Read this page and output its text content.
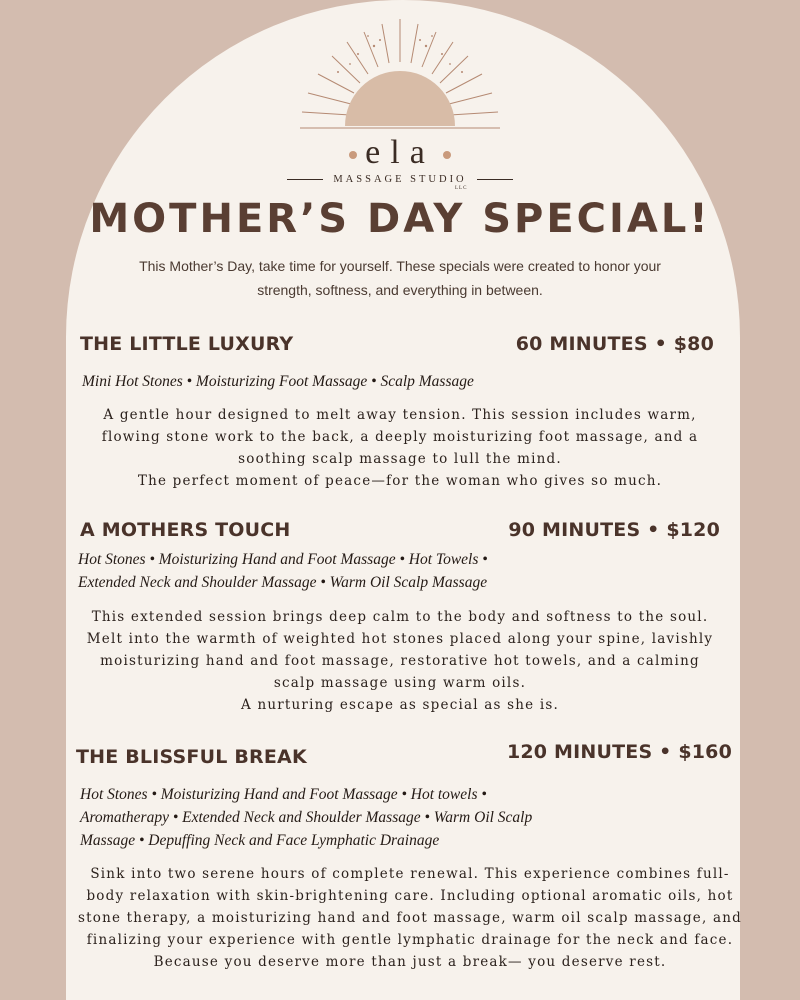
ela
MASSAGE STUDIO
LLC
MOTHER’S DAY SPECIAL!
This Mother’s Day, take time for yourself. These specials were created to honor your strength, softness, and everything in between.
THE LITTLE LUXURY	60 MINUTES • $80
Mini Hot Stones • Moisturizing Foot Massage • Scalp Massage
A gentle hour designed to melt away tension. This session includes warm, flowing stone work to the back, a deeply moisturizing foot massage, and a soothing scalp massage to lull the mind.
The perfect moment of peace—for the woman who gives so much.
A MOTHERS TOUCH	90 MINUTES • $120
Hot Stones • Moisturizing Hand and Foot Massage • Hot Towels • Extended Neck and Shoulder Massage • Warm Oil Scalp Massage
This extended session brings deep calm to the body and softness to the soul. Melt into the warmth of weighted hot stones placed along your spine, lavishly moisturizing hand and foot massage, restorative hot towels, and a calming scalp massage using warm oils.
A nurturing escape as special as she is.
THE BLISSFUL BREAK	120 MINUTES • $160
Hot Stones • Moisturizing Hand and Foot Massage • Hot towels • Aromatherapy • Extended Neck and Shoulder Massage • Warm Oil Scalp Massage • Depuffing Neck and Face Lymphatic Drainage
Sink into two serene hours of complete renewal. This experience combines full-body relaxation with skin-brightening care. Including optional aromatic oils, hot stone therapy, a moisturizing hand and foot massage, warm oil scalp massage, and finalizing your experience with gentle lymphatic drainage for the neck and face.
Because you deserve more than just a break— you deserve rest.
